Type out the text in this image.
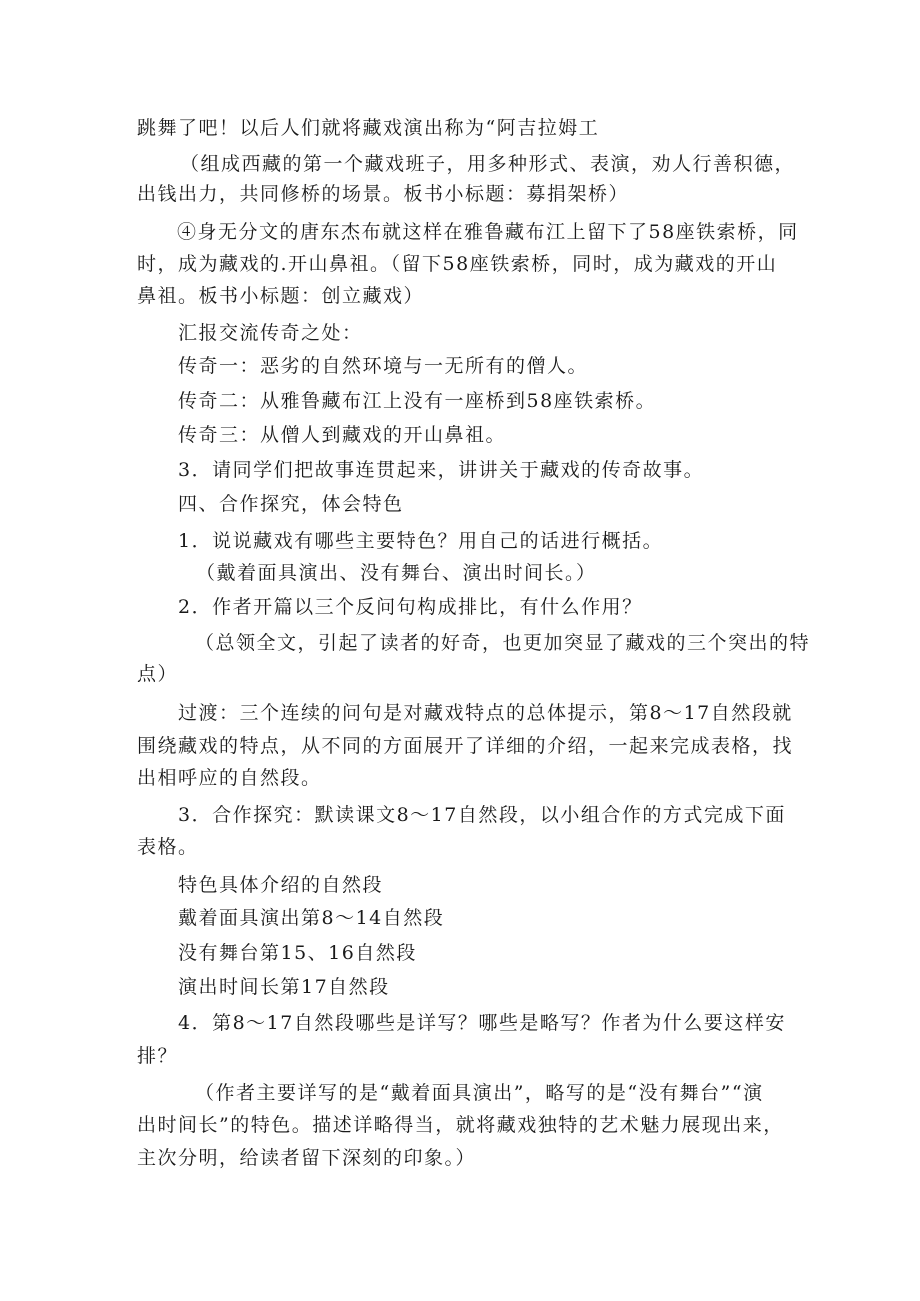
跳舞了吧！以后人们就将藏戏演出称为“阿吉拉姆工
（组成西藏的第一个藏戏班子，用多种形式、表演，劝人行善积德，
出钱出力，共同修桥的场景。板书小标题：募捐架桥）
④身无分文的唐东杰布就这样在雅鲁藏布江上留下了58座铁索桥，同
时，成为藏戏的.开山鼻祖。（留下58座铁索桥，同时，成为藏戏的开山
鼻祖。板书小标题：创立藏戏）
汇报交流传奇之处：
传奇一：恶劣的自然环境与一无所有的僧人。
传奇二：从雅鲁藏布江上没有一座桥到58座铁索桥。
传奇三：从僧人到藏戏的开山鼻祖。
3．请同学们把故事连贯起来，讲讲关于藏戏的传奇故事。
四、合作探究，体会特色
1．说说藏戏有哪些主要特色？用自己的话进行概括。
（戴着面具演出、没有舞台、演出时间长。）
2．作者开篇以三个反问句构成排比，有什么作用？
（总领全文，引起了读者的好奇，也更加突显了藏戏的三个突出的特
点）
过渡：三个连续的问句是对藏戏特点的总体提示，第8～17自然段就
围绕藏戏的特点，从不同的方面展开了详细的介绍，一起来完成表格，找
出相呼应的自然段。
3．合作探究：默读课文8～17自然段，以小组合作的方式完成下面
表格。
特色具体介绍的自然段
戴着面具演出第8～14自然段
没有舞台第15、16自然段
演出时间长第17自然段
4．第8～17自然段哪些是详写？哪些是略写？作者为什么要这样安
排？
（作者主要详写的是“戴着面具演出”，略写的是“没有舞台”“演
出时间长”的特色。描述详略得当，就将藏戏独特的艺术魅力展现出来，
主次分明，给读者留下深刻的印象。）
